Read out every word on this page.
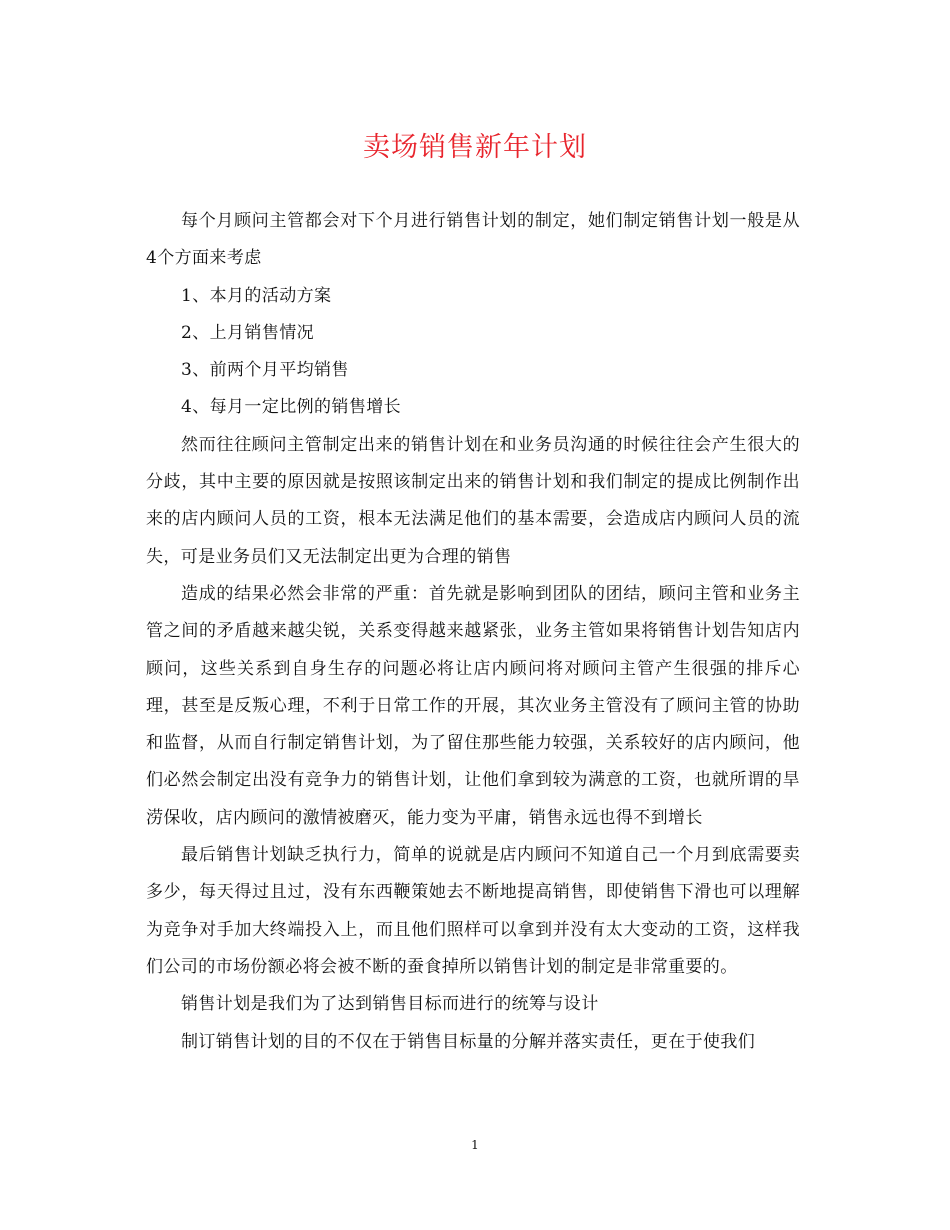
卖场销售新年计划

每个月顾问主管都会对下个月进行销售计划的制定，她们制定销售计划一般是从4个方面来考虑

1、本月的活动方案

2、上月销售情况

3、前两个月平均销售

4、每月一定比例的销售增长

然而往往顾问主管制定出来的销售计划在和业务员沟通的时候往往会产生很大的分歧，其中主要的原因就是按照该制定出来的销售计划和我们制定的提成比例制作出来的店内顾问人员的工资，根本无法满足他们的基本需要，会造成店内顾问人员的流失，可是业务员们又无法制定出更为合理的销售

造成的结果必然会非常的严重：首先就是影响到团队的团结，顾问主管和业务主管之间的矛盾越来越尖锐，关系变得越来越紧张，业务主管如果将销售计划告知店内顾问，这些关系到自身生存的问题必将让店内顾问将对顾问主管产生很强的排斥心理，甚至是反叛心理，不利于日常工作的开展，其次业务主管没有了顾问主管的协助和监督，从而自行制定销售计划，为了留住那些能力较强，关系较好的店内顾问，他们必然会制定出没有竞争力的销售计划，让他们拿到较为满意的工资，也就所谓的旱涝保收，店内顾问的激情被磨灭，能力变为平庸，销售永远也得不到增长

最后销售计划缺乏执行力，简单的说就是店内顾问不知道自己一个月到底需要卖多少，每天得过且过，没有东西鞭策她去不断地提高销售，即使销售下滑也可以理解为竞争对手加大终端投入上，而且他们照样可以拿到并没有太大变动的工资，这样我们公司的市场份额必将会被不断的蚕食掉所以销售计划的制定是非常重要的。

销售计划是我们为了达到销售目标而进行的统筹与设计

制订销售计划的目的不仅在于销售目标量的分解并落实责任，更在于使我们

1
